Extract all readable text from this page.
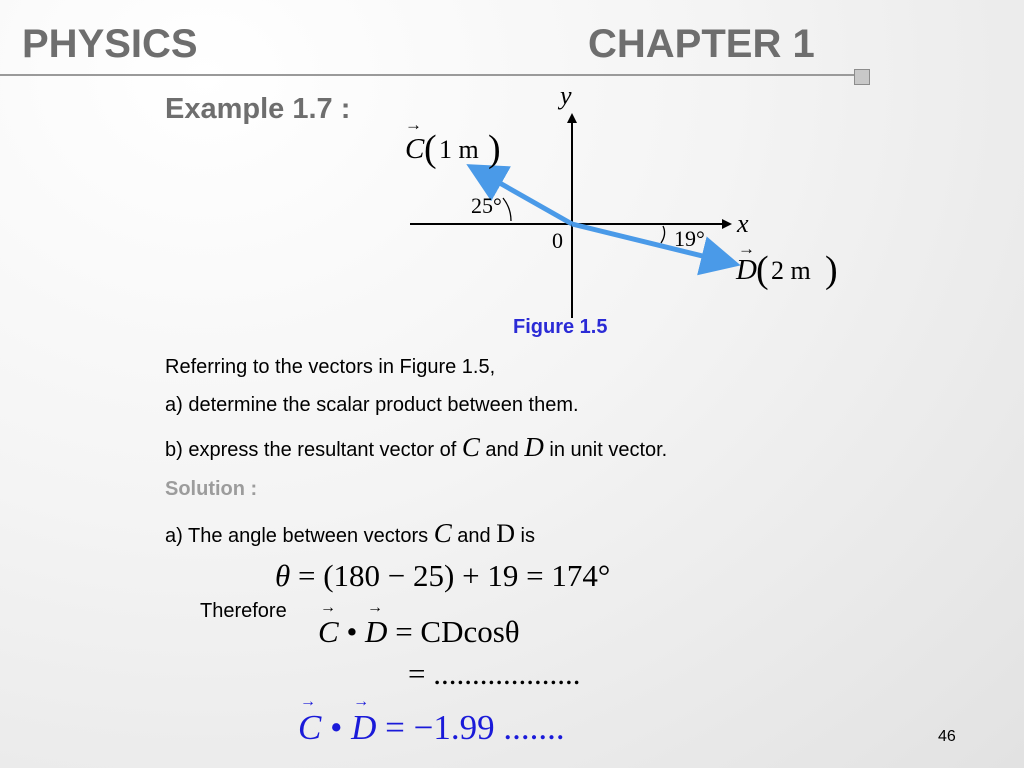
PHYSICS	CHAPTER 1
Example 1.7 :	y
x
0
25°
19°
→
C ( 1 m )
→
D ( 2 m )
Figure 1.5
Referring to the vectors in Figure 1.5,
a) determine the scalar product between them.
b) express the resultant vector of C and D in unit vector.
Solution :
a) The angle between vectors C and D is
θ = (180 − 25) + 19 = 174°
Therefore
→ C • → D = CDcosθ
= ...................
→ C • → D = −1.99 .......	46
